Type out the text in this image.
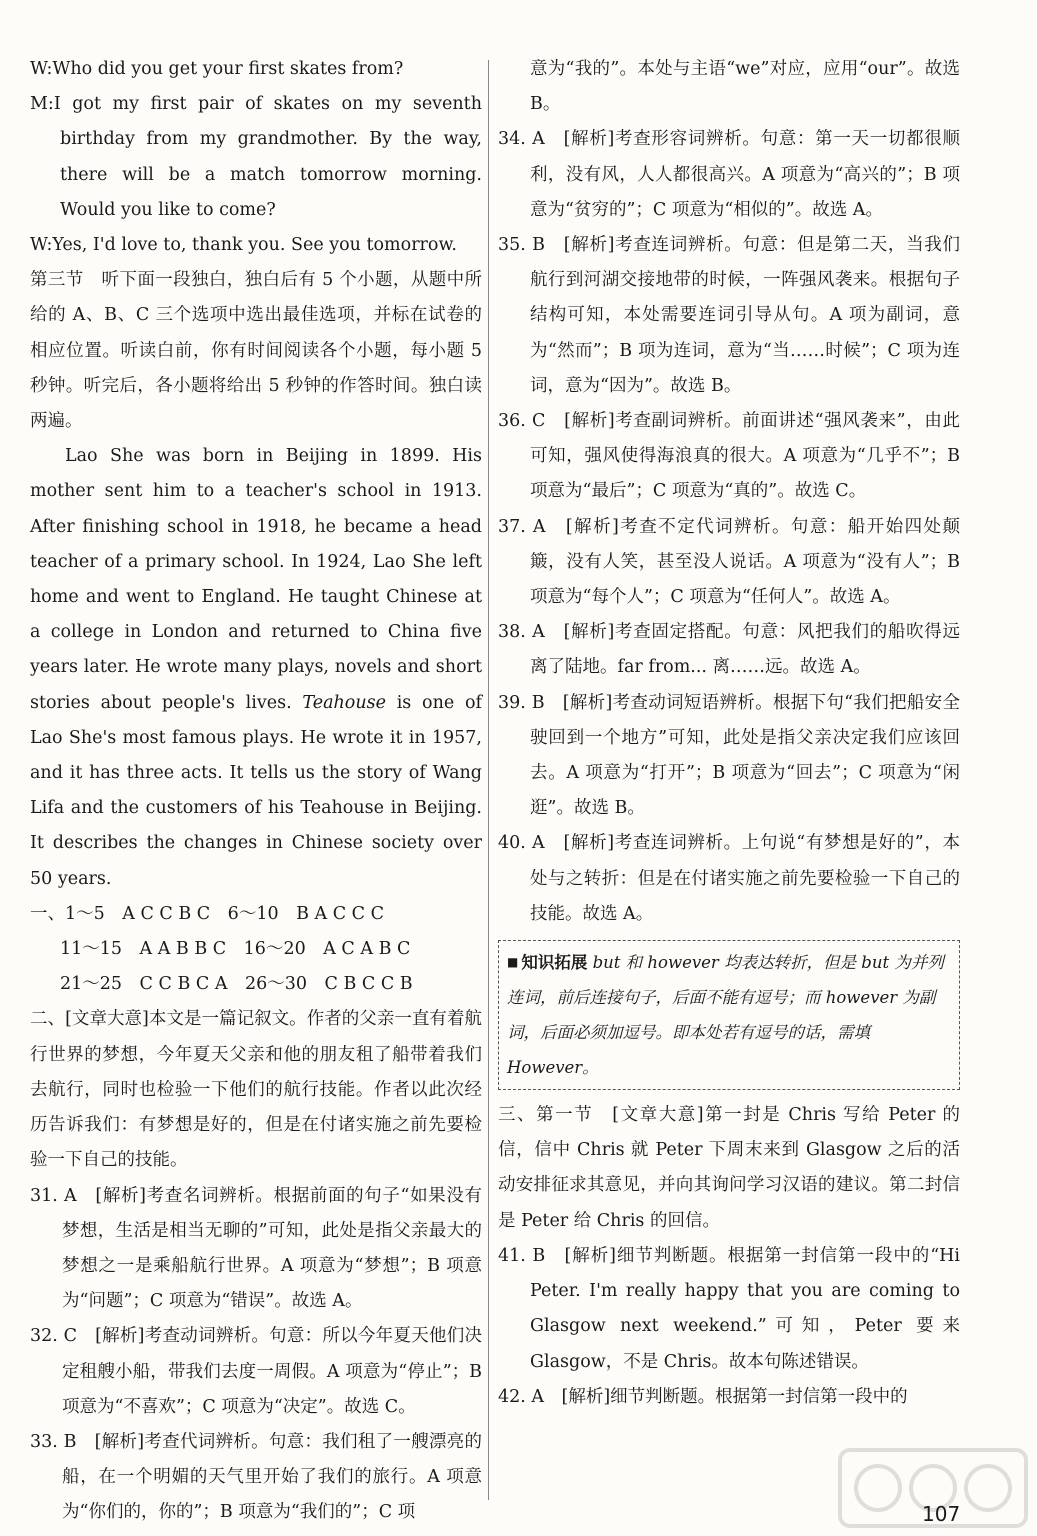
W:Who did you get your first skates from?

M:I got my first pair of skates on my seventh birthday from my grandmother. By the way, there will be a match tomorrow morning. Would you like to come?

W:Yes, I'd love to, thank you. See you tomorrow.

第三节　听下面一段独白，独白后有 5 个小题，从题中所给的 A、B、C 三个选项中选出最佳选项，并标在试卷的相应位置。听读白前，你有时间阅读各个小题，每小题 5 秒钟。听完后，各小题将给出 5 秒钟的作答时间。独白读两遍。

Lao She was born in Beijing in 1899. His mother sent him to a teacher's school in 1913. After finishing school in 1918, he became a head teacher of a primary school. In 1924, Lao She left home and went to England. He taught Chinese at a college in London and returned to China five years later. He wrote many plays, novels and short stories about people's lives. Teahouse is one of Lao She's most famous plays. He wrote it in 1957, and it has three acts. It tells us the story of Wang Lifa and the customers of his Teahouse in Beijing. It describes the changes in Chinese society over 50 years.

一、1～5　A C C B C　6～10　B A C C C

11～15　A A B B C　16～20　A C A B C

21～25　C C B C A　26～30　C B C C B

二、[文章大意]本文是一篇记叙文。作者的父亲一直有着航行世界的梦想，今年夏天父亲和他的朋友租了船带着我们去航行，同时也检验一下他们的航行技能。作者以此次经历告诉我们：有梦想是好的，但是在付诸实施之前先要检验一下自己的技能。

31. A　[解析]考查名词辨析。根据前面的句子“如果没有梦想，生活是相当无聊的”可知，此处是指父亲最大的梦想之一是乘船航行世界。A 项意为“梦想”；B 项意为“问题”；C 项意为“错误”。故选 A。

32. C　[解析]考查动词辨析。句意：所以今年夏天他们决定租艘小船，带我们去度一周假。A 项意为“停止”；B 项意为“不喜欢”；C 项意为“决定”。故选 C。

33. B　[解析]考查代词辨析。句意：我们租了一艘漂亮的船，在一个明媚的天气里开始了我们的旅行。A 项意为“你们的，你的”；B 项意为“我们的”；C 项

意为“我的”。本处与主语“we”对应，应用“our”。故选 B。

34. A　[解析]考查形容词辨析。句意：第一天一切都很顺利，没有风，人人都很高兴。A 项意为“高兴的”；B 项意为“贫穷的”；C 项意为“相似的”。故选 A。

35. B　[解析]考查连词辨析。句意：但是第二天，当我们航行到河湖交接地带的时候，一阵强风袭来。根据句子结构可知，本处需要连词引导从句。A 项为副词，意为“然而”；B 项为连词，意为“当……时候”；C 项为连词，意为“因为”。故选 B。

36. C　[解析]考查副词辨析。前面讲述“强风袭来”，由此可知，强风使得海浪真的很大。A 项意为“几乎不”；B 项意为“最后”；C 项意为“真的”。故选 C。

37. A　[解析]考查不定代词辨析。句意：船开始四处颠簸，没有人笑，甚至没人说话。A 项意为“没有人”；B 项意为“每个人”；C 项意为“任何人”。故选 A。

38. A　[解析]考查固定搭配。句意：风把我们的船吹得远离了陆地。far from... 离……远。故选 A。

39. B　[解析]考查动词短语辨析。根据下句“我们把船安全驶回到一个地方”可知，此处是指父亲决定我们应该回去。A 项意为“打开”；B 项意为“回去”；C 项意为“闲逛”。故选 B。

40. A　[解析]考查连词辨析。上句说“有梦想是好的”，本处与之转折：但是在付诸实施之前先要检验一下自己的技能。故选 A。

■ 知识拓展 but 和 however 均表达转折，但是 but 为并列连词，前后连接句子，后面不能有逗号；而 however 为副词，后面必须加逗号。即本处若有逗号的话，需填 However。

三、第一节　[文章大意]第一封是 Chris 写给 Peter 的信，信中 Chris 就 Peter 下周末来到 Glasgow 之后的活动安排征求其意见，并向其询问学习汉语的建议。第二封信是 Peter 给 Chris 的回信。

41. B　[解析]细节判断题。根据第一封信第一段中的“Hi Peter. I'm really happy that you are coming to Glasgow next weekend.”可知，Peter 要来 Glasgow，不是 Chris。故本句陈述错误。

42. A　[解析]细节判断题。根据第一封信第一段中的

107
